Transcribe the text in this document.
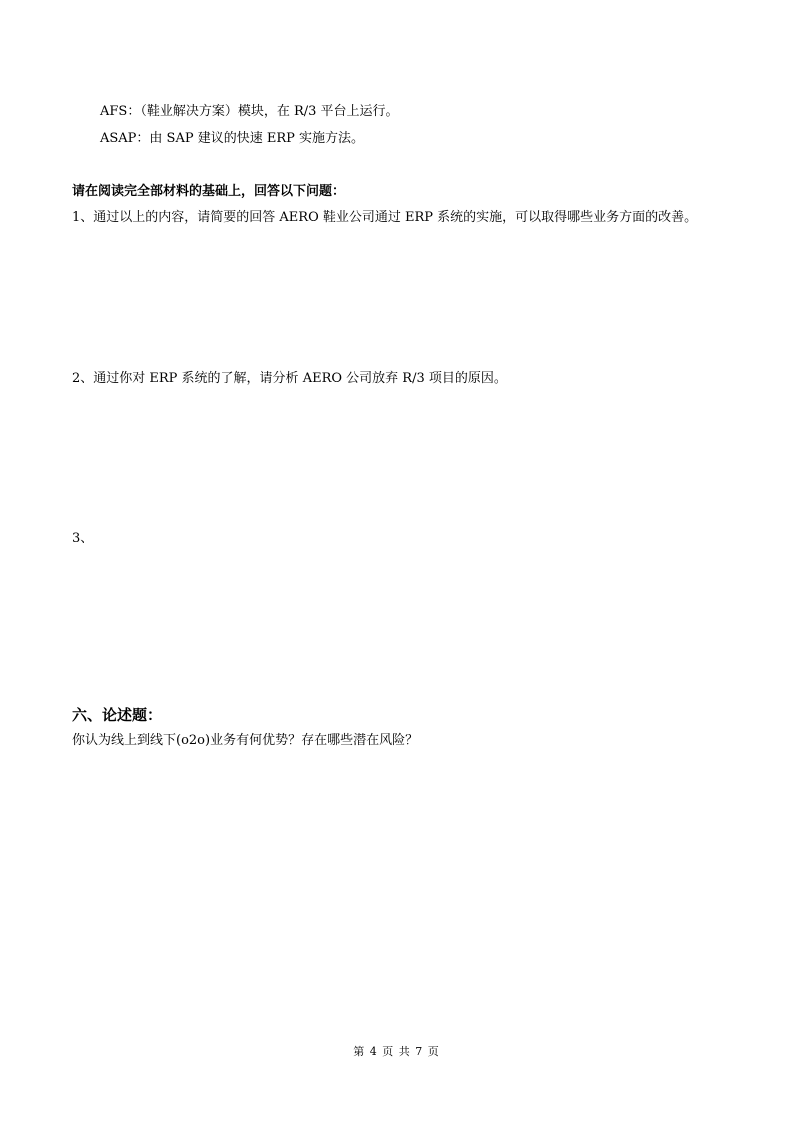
AFS：（鞋业解决方案）模块，在 R/3 平台上运行。
ASAP：由 SAP 建议的快速 ERP 实施方法。
请在阅读完全部材料的基础上，回答以下问题：
1、通过以上的内容，请简要的回答 AERO 鞋业公司通过 ERP 系统的实施，可以取得哪些业务方面的改善。
2、通过你对 ERP 系统的了解，请分析 AERO 公司放弃 R/3 项目的原因。
3、
六、论述题：
你认为线上到线下(o2o)业务有何优势？存在哪些潜在风险？
第 4 页 共 7 页
